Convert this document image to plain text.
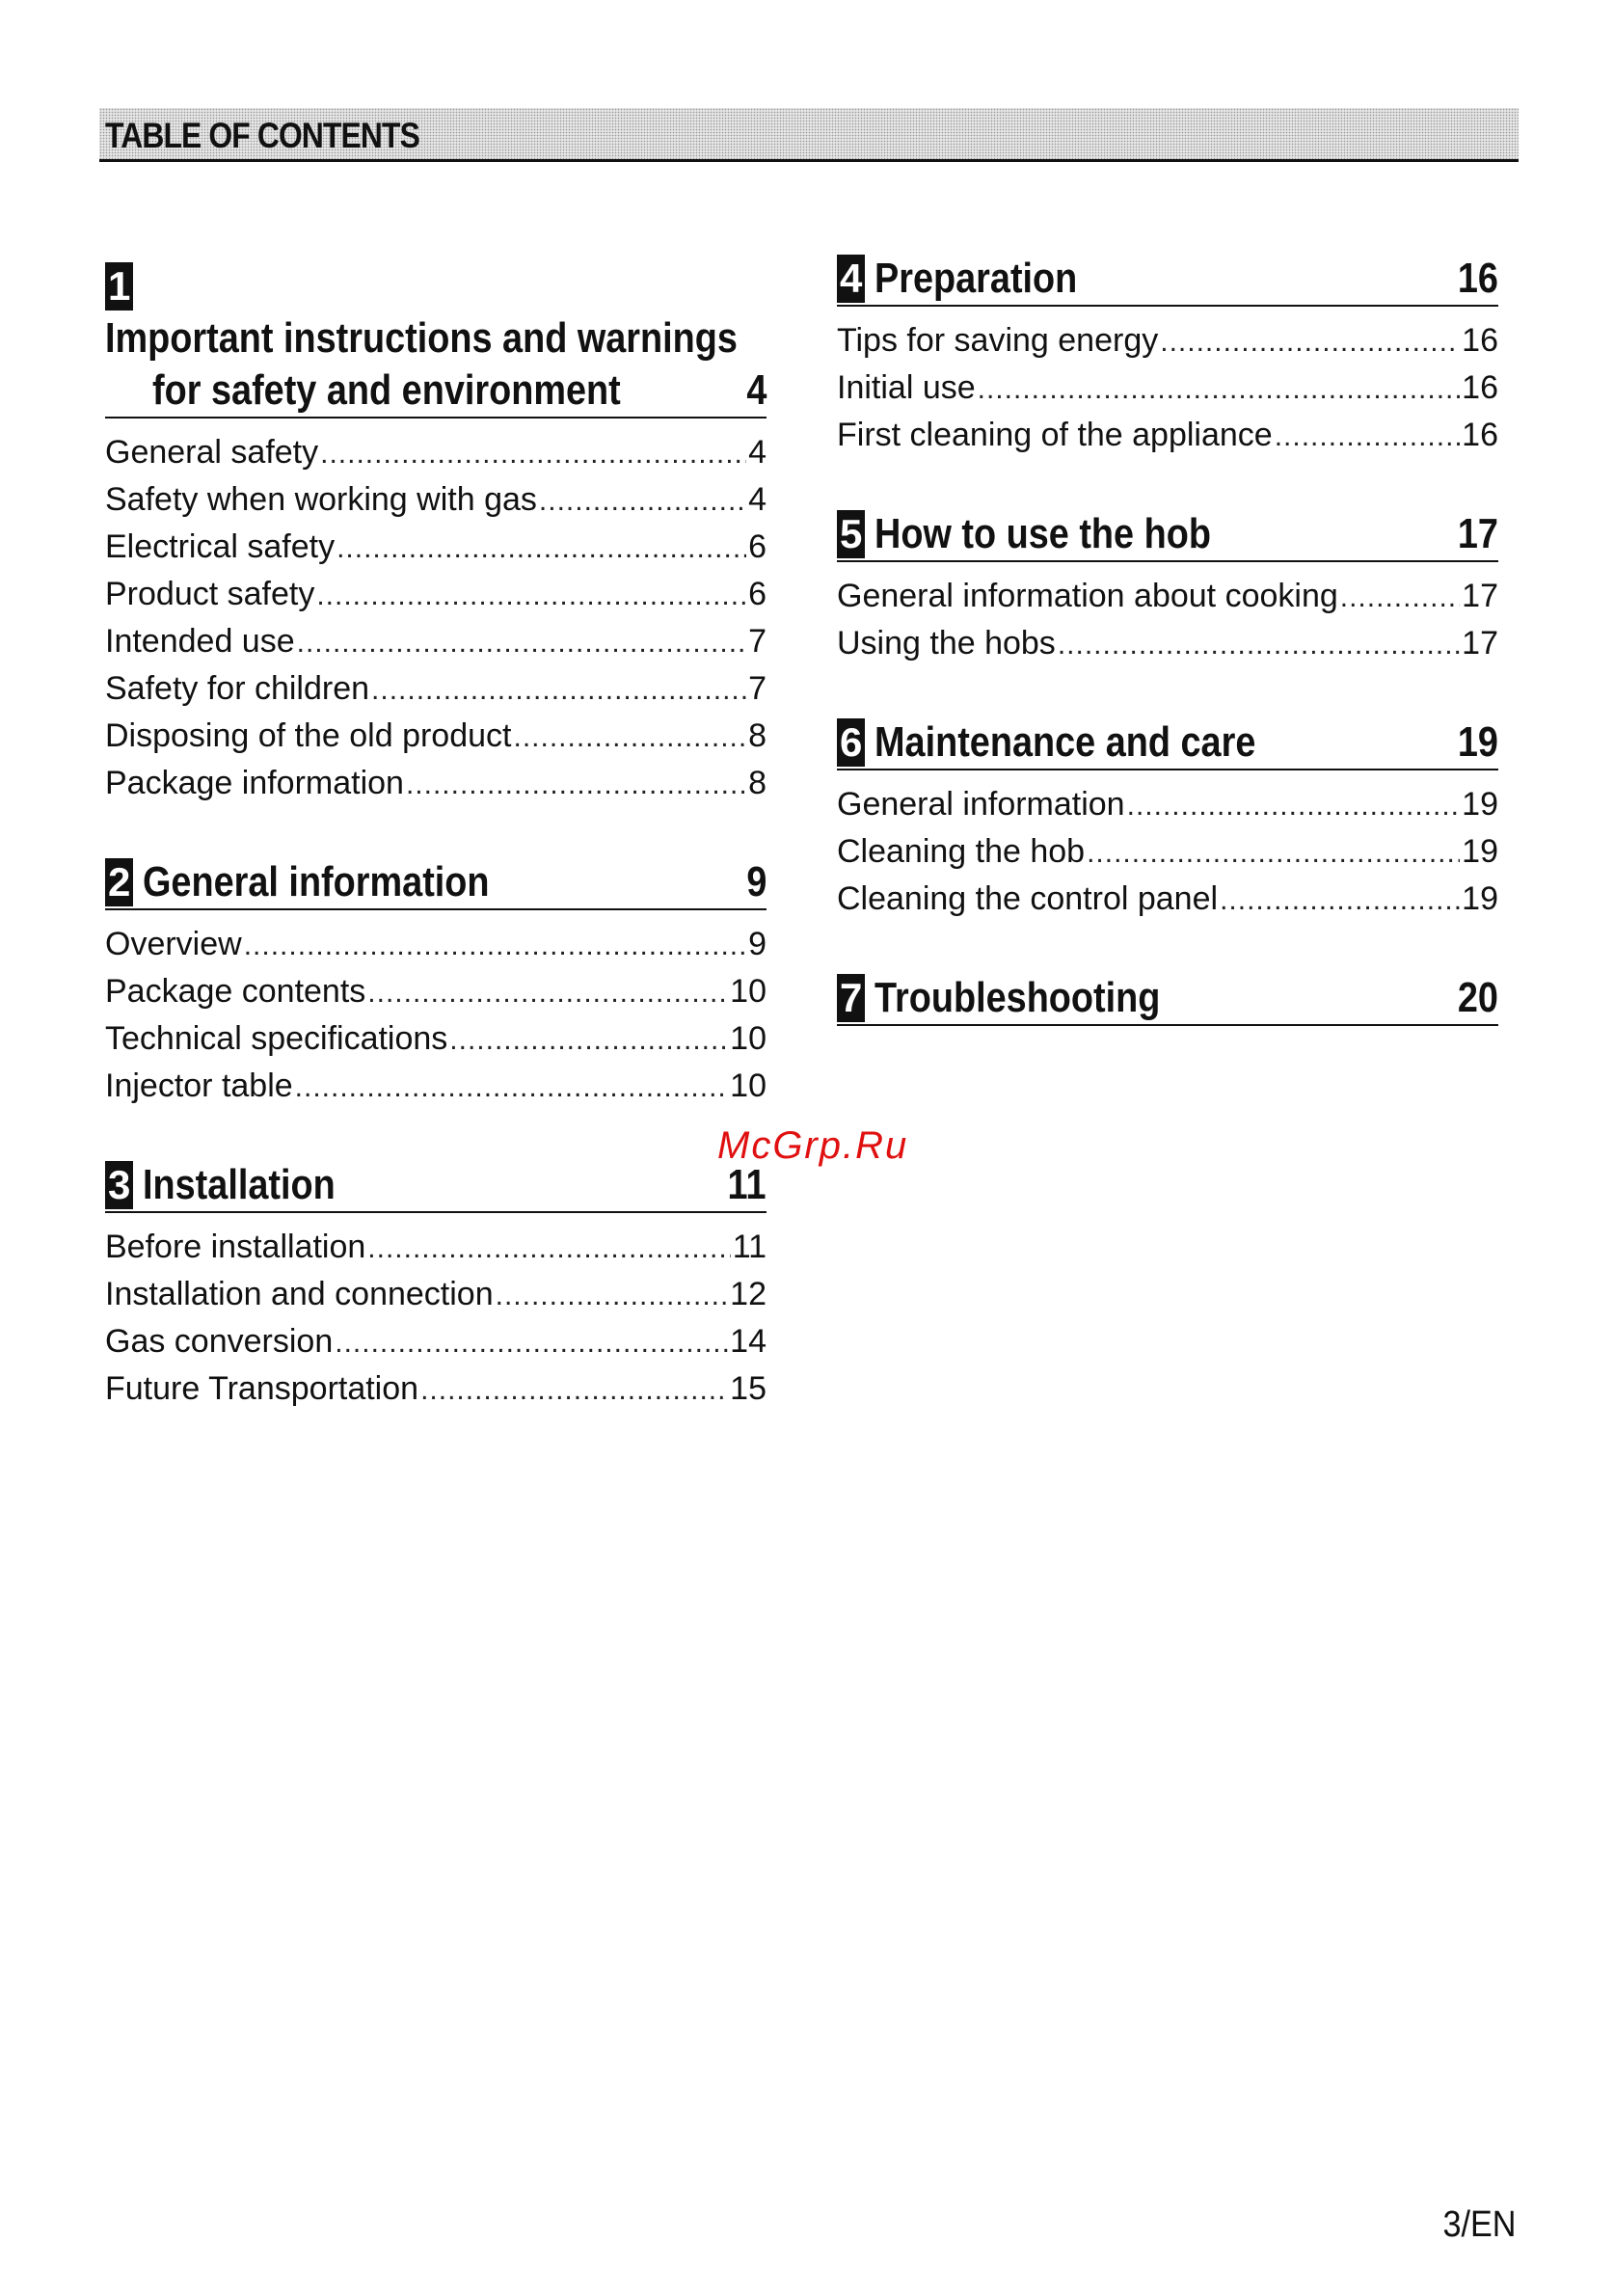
TABLE OF CONTENTS
1Important instructions and warnings
for safety and environment	4
General safety .....	4
Safety when working with gas .....	4
Electrical safety .....	6
Product safety .....	6
Intended use .....	7
Safety for children .....	7
Disposing of the old product .....	8
Package information .....	8
2 General information	9
Overview .....	9
Package contents .....	10
Technical specifications .....	10
Injector table .....	10
3 Installation	11
Before installation .....	11
Installation and connection .....	12
Gas conversion .....	14
Future Transportation .....	15
4 Preparation	16
Tips for saving energy .....	16
Initial use .....	16
First cleaning of the appliance .....	16
5 How to use the hob	17
General information about cooking .....	17
Using the hobs .....	17
6 Maintenance and care	19
General information .....	19
Cleaning the hob .....	19
Cleaning the control panel .....	19
7 Troubleshooting	20
McGrp.Ru
3/EN
